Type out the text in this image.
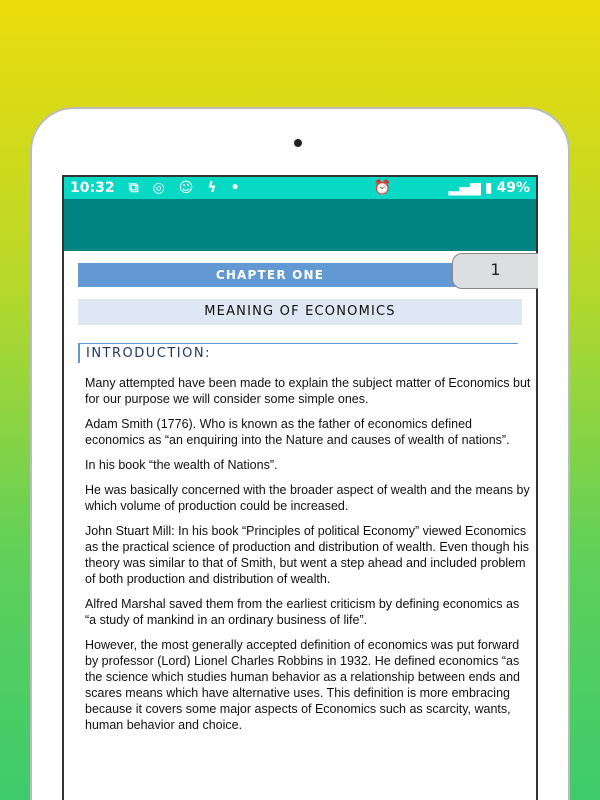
10:32 ⧉ ◎ ☺ ϟ •	⏰	▂▄▆ ▮ 49%
CHAPTER ONE	1
MEANING OF ECONOMICS
INTRODUCTION:

Many attempted have been made to explain the subject matter of Economics but for our purpose we will consider some simple ones.

Adam Smith (1776). Who is known as the father of economics defined economics as “an enquiring into the Nature and causes of wealth of nations”.

In his book “the wealth of Nations”.

He was basically concerned with the broader aspect of wealth and the means by which volume of production could be increased.

John Stuart Mill: In his book “Principles of political Economy” viewed Economics as the practical science of production and distribution of wealth. Even though his theory was similar to that of Smith, but went a step ahead and included problem of both production and distribution of wealth.

Alfred Marshal saved them from the earliest criticism by defining economics as “a study of mankind in an ordinary business of life”.

However, the most generally accepted definition of economics was put forward by professor (Lord) Lionel Charles Robbins in 1932. He defined economics “as the science which studies human behavior as a relationship between ends and scares means which have alternative uses. This definition is more embracing because it covers some major aspects of Economics such as scarcity, wants, human behavior and choice.
